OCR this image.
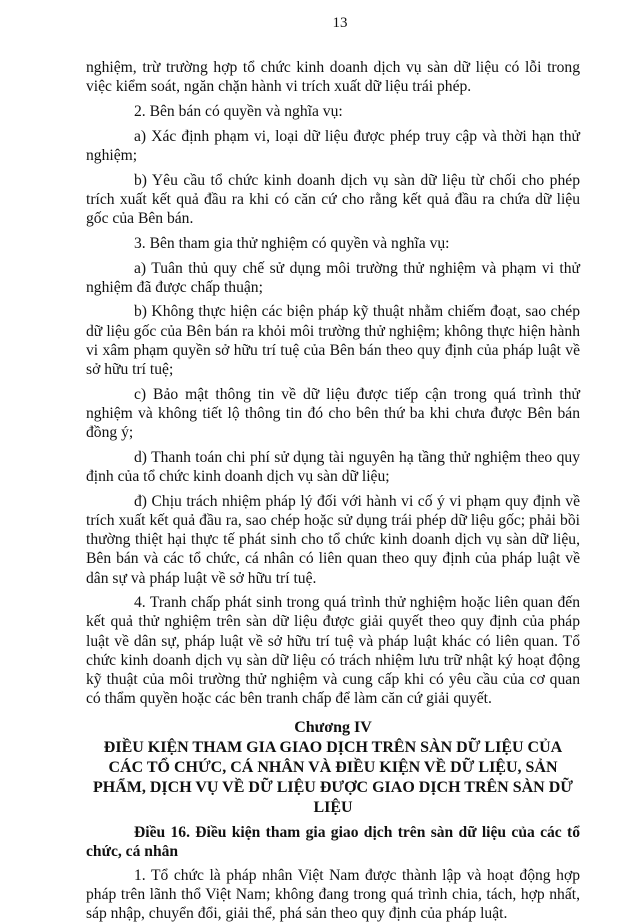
13

nghiệm, trừ trường hợp tổ chức kinh doanh dịch vụ sàn dữ liệu có lỗi trong việc kiểm soát, ngăn chặn hành vi trích xuất dữ liệu trái phép.

2. Bên bán có quyền và nghĩa vụ:

a) Xác định phạm vi, loại dữ liệu được phép truy cập và thời hạn thử nghiệm;

b) Yêu cầu tổ chức kinh doanh dịch vụ sàn dữ liệu từ chối cho phép trích xuất kết quả đầu ra khi có căn cứ cho rằng kết quả đầu ra chứa dữ liệu gốc của Bên bán.

3. Bên tham gia thử nghiệm có quyền và nghĩa vụ:

a) Tuân thủ quy chế sử dụng môi trường thử nghiệm và phạm vi thử nghiệm đã được chấp thuận;

b) Không thực hiện các biện pháp kỹ thuật nhằm chiếm đoạt, sao chép dữ liệu gốc của Bên bán ra khỏi môi trường thử nghiệm; không thực hiện hành vi xâm phạm quyền sở hữu trí tuệ của Bên bán theo quy định của pháp luật về sở hữu trí tuệ;

c) Bảo mật thông tin về dữ liệu được tiếp cận trong quá trình thử nghiệm và không tiết lộ thông tin đó cho bên thứ ba khi chưa được Bên bán đồng ý;

d) Thanh toán chi phí sử dụng tài nguyên hạ tầng thử nghiệm theo quy định của tổ chức kinh doanh dịch vụ sàn dữ liệu;

đ) Chịu trách nhiệm pháp lý đối với hành vi cố ý vi phạm quy định về trích xuất kết quả đầu ra, sao chép hoặc sử dụng trái phép dữ liệu gốc; phải bồi thường thiệt hại thực tế phát sinh cho tổ chức kinh doanh dịch vụ sàn dữ liệu, Bên bán và các tổ chức, cá nhân có liên quan theo quy định của pháp luật về dân sự và pháp luật về sở hữu trí tuệ.

4. Tranh chấp phát sinh trong quá trình thử nghiệm hoặc liên quan đến kết quả thử nghiệm trên sàn dữ liệu được giải quyết theo quy định của pháp luật về dân sự, pháp luật về sở hữu trí tuệ và pháp luật khác có liên quan. Tổ chức kinh doanh dịch vụ sàn dữ liệu có trách nhiệm lưu trữ nhật ký hoạt động kỹ thuật của môi trường thử nghiệm và cung cấp khi có yêu cầu của cơ quan có thẩm quyền hoặc các bên tranh chấp để làm căn cứ giải quyết.

Chương IV
ĐIỀU KIỆN THAM GIA GIAO DỊCH TRÊN SÀN DỮ LIỆU CỦA CÁC TỔ CHỨC, CÁ NHÂN VÀ ĐIỀU KIỆN VỀ DỮ LIỆU, SẢN PHẨM, DỊCH VỤ VỀ DỮ LIỆU ĐƯỢC GIAO DỊCH TRÊN SÀN DỮ LIỆU

Điều 16. Điều kiện tham gia giao dịch trên sàn dữ liệu của các tổ chức, cá nhân

1. Tổ chức là pháp nhân Việt Nam được thành lập và hoạt động hợp pháp trên lãnh thổ Việt Nam; không đang trong quá trình chia, tách, hợp nhất, sáp nhập, chuyển đổi, giải thể, phá sản theo quy định của pháp luật.
